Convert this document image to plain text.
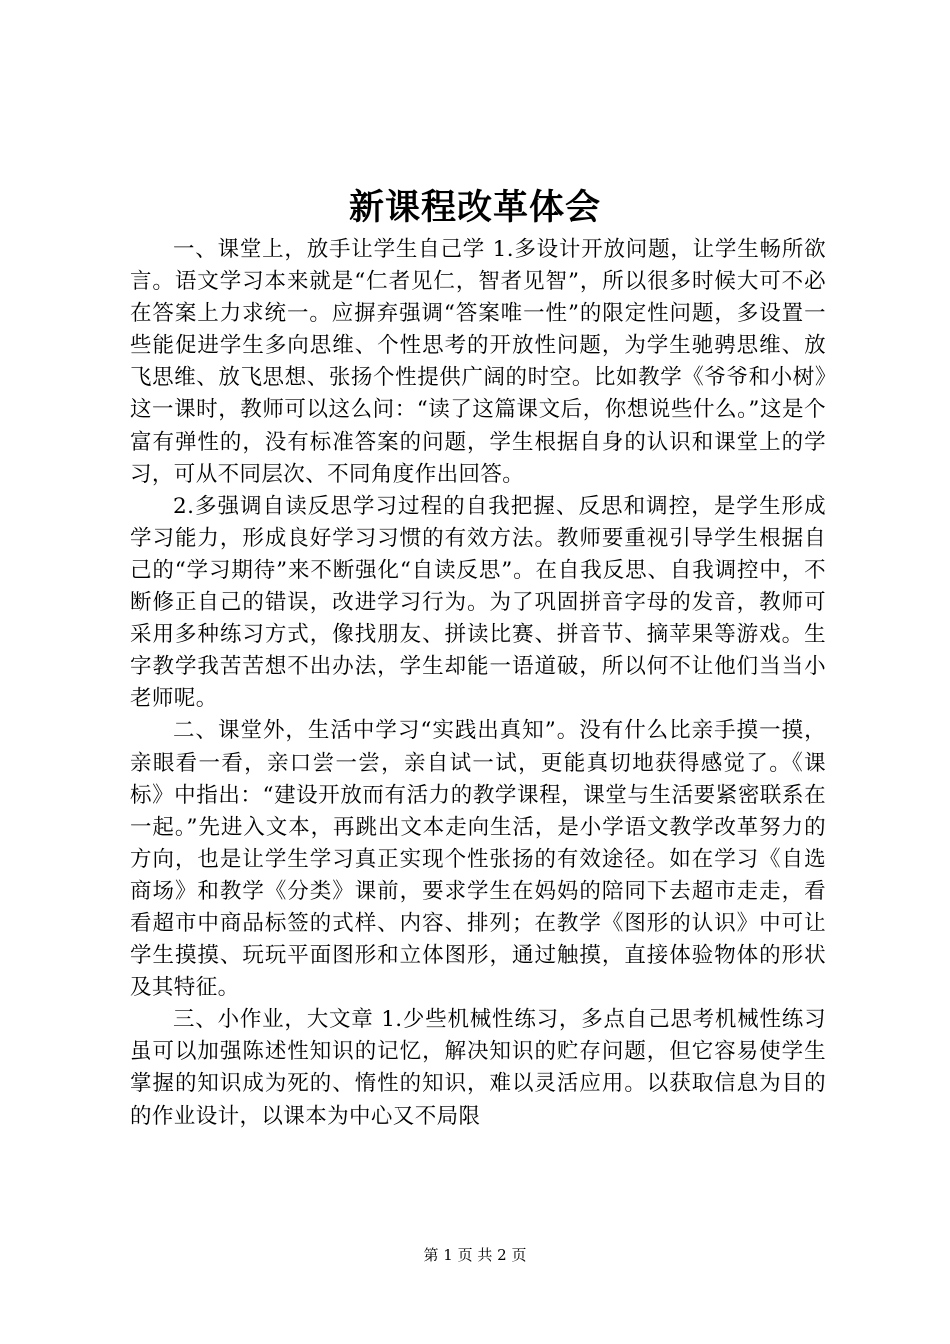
新课程改革体会

一、课堂上，放手让学生自己学 1.多设计开放问题，让学生畅所欲言。语文学习本来就是“仁者见仁，智者见智”，所以很多时候大可不必在答案上力求统一。应摒弃强调“答案唯一性”的限定性问题，多设置一些能促进学生多向思维、个性思考的开放性问题，为学生驰骋思维、放飞思维、放飞思想、张扬个性提供广阔的时空。比如教学《爷爷和小树》这一课时，教师可以这么问：“读了这篇课文后，你想说些什么。”这是个富有弹性的，没有标准答案的问题，学生根据自身的认识和课堂上的学习，可从不同层次、不同角度作出回答。

2.多强调自读反思学习过程的自我把握、反思和调控，是学生形成学习能力，形成良好学习习惯的有效方法。教师要重视引导学生根据自己的“学习期待”来不断强化“自读反思”。在自我反思、自我调控中，不断修正自己的错误，改进学习行为。为了巩固拼音字母的发音，教师可采用多种练习方式，像找朋友、拼读比赛、拼音节、摘苹果等游戏。生字教学我苦苦想不出办法，学生却能一语道破，所以何不让他们当当小老师呢。

二、课堂外，生活中学习“实践出真知”。没有什么比亲手摸一摸，亲眼看一看，亲口尝一尝，亲自试一试，更能真切地获得感觉了。《课标》中指出：“建设开放而有活力的教学课程，课堂与生活要紧密联系在一起。”先进入文本，再跳出文本走向生活，是小学语文教学改革努力的方向，也是让学生学习真正实现个性张扬的有效途径。如在学习《自选商场》和教学《分类》课前，要求学生在妈妈的陪同下去超市走走，看看超市中商品标签的式样、内容、排列；在教学《图形的认识》中可让学生摸摸、玩玩平面图形和立体图形，通过触摸，直接体验物体的形状及其特征。

三、小作业，大文章 1.少些机械性练习，多点自己思考机械性练习虽可以加强陈述性知识的记忆，解决知识的贮存问题，但它容易使学生掌握的知识成为死的、惰性的知识，难以灵活应用。以获取信息为目的的作业设计，以课本为中心又不局限

第 1 页 共 2 页
